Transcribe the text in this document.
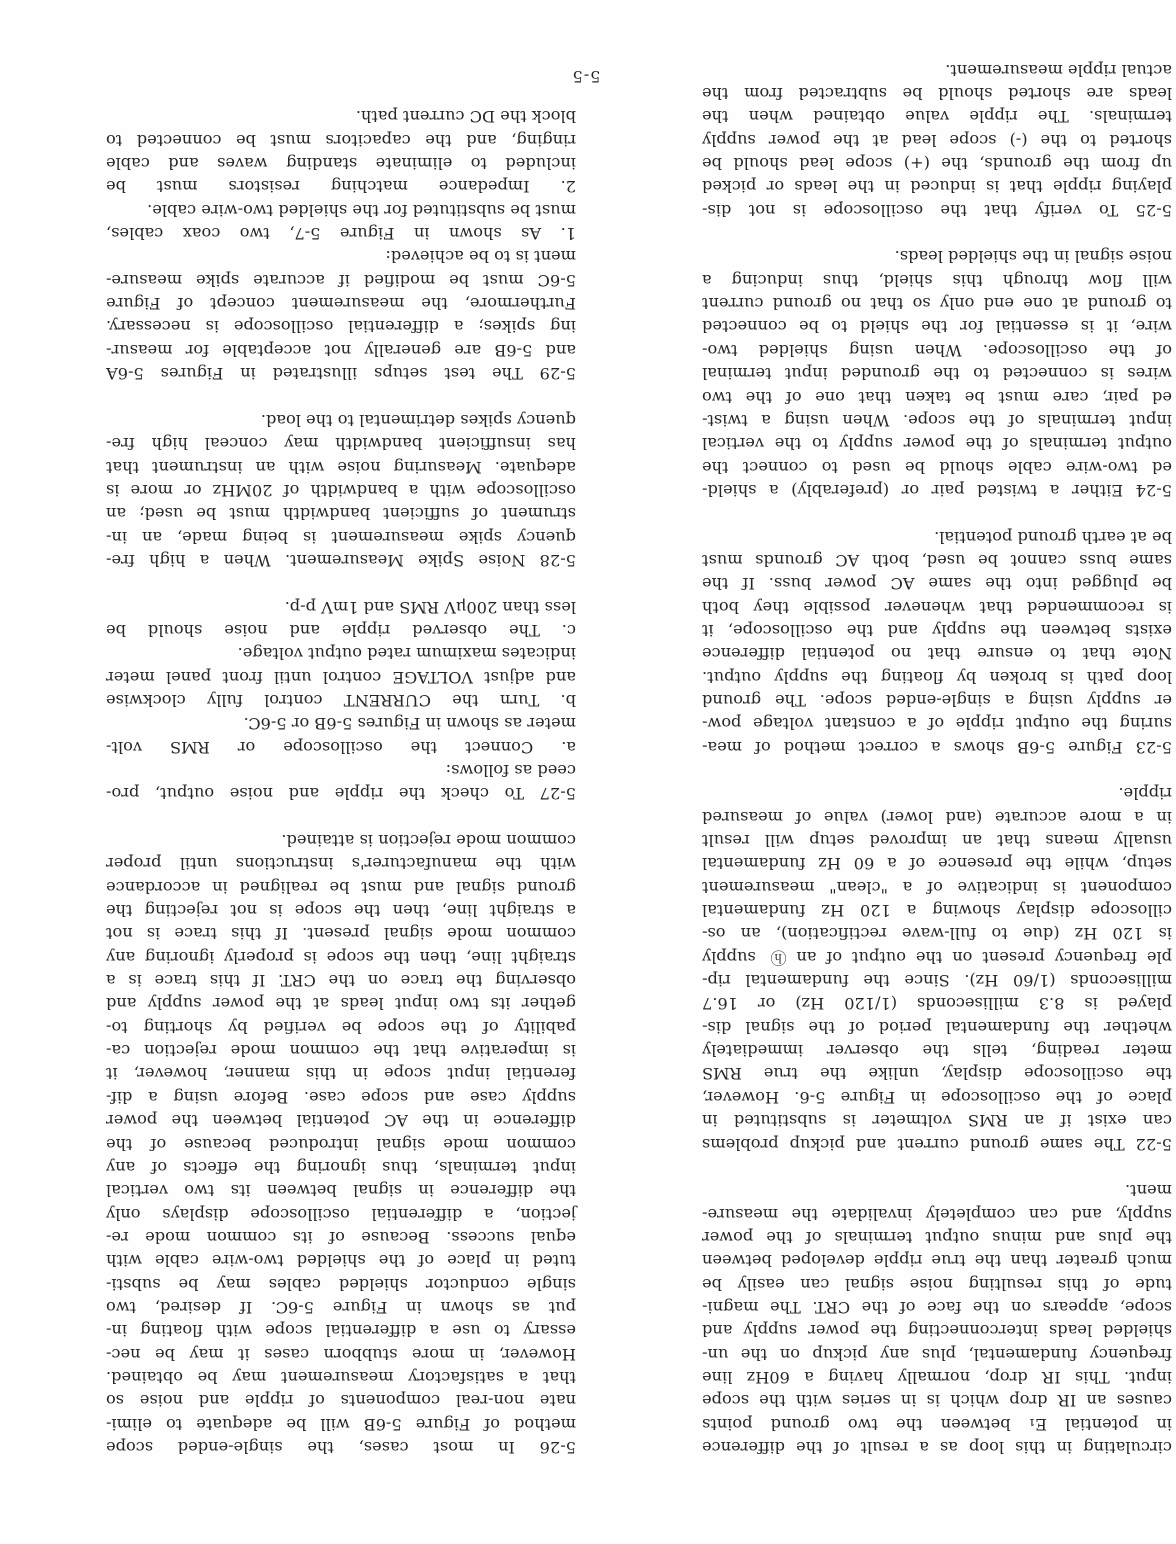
circulating in this loop as a result of the difference
in potential E₁ between the two ground points
causes an IR drop which is in series with the scope
input. This IR drop, normally having a 60Hz line
frequency fundamental, plus any pickup on the un-
shielded leads interconnecting the power supply and
scope, appears on the face of the CRT. The magni-
tude of this resulting noise signal can easily be
much greater than the true ripple developed between
the plus and minus output terminals of the power
supply, and can completely invalidate the measure-
ment.
5-22 The same ground current and pickup problems
can exist if an RMS voltmeter is substituted in
place of the oscilloscope in Figure 5-6. However,
the oscilloscope display, unlike the true RMS
meter reading, tells the observer immediately
whether the fundamental period of the signal dis-
played is 8.3 milliseconds (1/120 Hz) or 16.7
milliseconds (1/60 Hz). Since the fundamental rip-
ple frequency present on the output of an ⓗ supply
is 120 Hz (due to full-wave rectification), an os-
cilloscope display showing a 120 Hz fundamental
component is indicative of a "clean" measurement
setup, while the presence of a 60 Hz fundamental
usually means that an improved setup will result
in a more accurate (and lower) value of measured
ripple.
5-23 Figure 5-6B shows a correct method of mea-
suring the output ripple of a constant voltage pow-
er supply using a single-ended scope. The ground
loop path is broken by floating the supply output.
Note that to ensure that no potential difference
exists between the supply and the oscilloscope, it
is recommended that whenever possible they both
be plugged into the same AC power buss. If the
same buss cannot be used, both AC grounds must
be at earth ground potential.
5-24 Either a twisted pair or (preferably) a shield-
ed two-wire cable should be used to connect the
output terminals of the power supply to the vertical
input terminals of the scope. When using a twist-
ed pair, care must be taken that one of the two
wires is connected to the grounded input terminal
of the oscilloscope. When using shielded two-
wire, it is essential for the shield to be connected
to ground at one end only so that no ground current
will flow through this shield, thus inducing a
noise signal in the shielded leads.
5-25 To verify that the oscilloscope is not dis-
playing ripple that is induced in the leads or picked
up from the grounds, the (+) scope lead should be
shorted to the (-) scope lead at the power supply
terminals. The ripple value obtained when the
leads are shorted should be subtracted from the
actual ripple measurement.
5-26 In most cases, the single-ended scope
method of Figure 5-6B will be adequate to elimi-
nate non-real components of ripple and noise so
that a satisfactory measurement may be obtained.
However, in more stubborn cases it may be nec-
essary to use a differential scope with floating in-
put as shown in Figure 5-6C. If desired, two
single conductor shielded cables may be substi-
tuted in place of the shielded two-wire cable with
equal success. Because of its common mode re-
jection, a differential oscilloscope displays only
the difference in signal between its two vertical
input terminals, thus ignoring the effects of any
common mode signal introduced because of the
difference in the AC potential between the power
supply case and scope case. Before using a dif-
ferential input scope in this manner, however, it
is imperative that the common mode rejection ca-
pability of the scope be verified by shorting to-
gether its two input leads at the power supply and
observing the trace on the CRT. If this trace is a
straight line, then the scope is properly ignoring any
common mode signal present. If this trace is not
a straight line, then the scope is not rejecting the
ground signal and must be realigned in accordance
with the manufacturer's instructions until proper
common mode rejection is attained.
5-27 To check the ripple and noise output, pro-
ceed as follows:
a. Connect the oscilloscope or RMS volt-
meter as shown in Figures 5-6B or 5-6C.
b. Turn the CURRENT control fully clockwise
and adjust VOLTAGE control until front panel meter
indicates maximum rated output voltage.
c. The observed ripple and noise should be
less than 200μV RMS and 1mV p-p.
5-28 Noise Spike Measurement. When a high fre-
quency spike measurement is being made, an in-
strument of sufficient bandwidth must be used; an
oscilloscope with a bandwidth of 20MHz or more is
adequate. Measuring noise with an instrument that
has insufficient bandwidth may conceal high fre-
quency spikes detrimental to the load.
5-29 The test setups illustrated in Figures 5-6A
and 5-6B are generally not acceptable for measur-
ing spikes; a differential oscilloscope is necessary.
Furthermore, the measurement concept of Figure
5-6C must be modified if accurate spike measure-
ment is to be achieved:
1. As shown in Figure 5-7, two coax cables,
must be substituted for the shielded two-wire cable.
2. Impedance matching resistors must be
included to eliminate standing waves and cable
ringing, and the capacitors must be connected to
block the DC current path.
5-5
